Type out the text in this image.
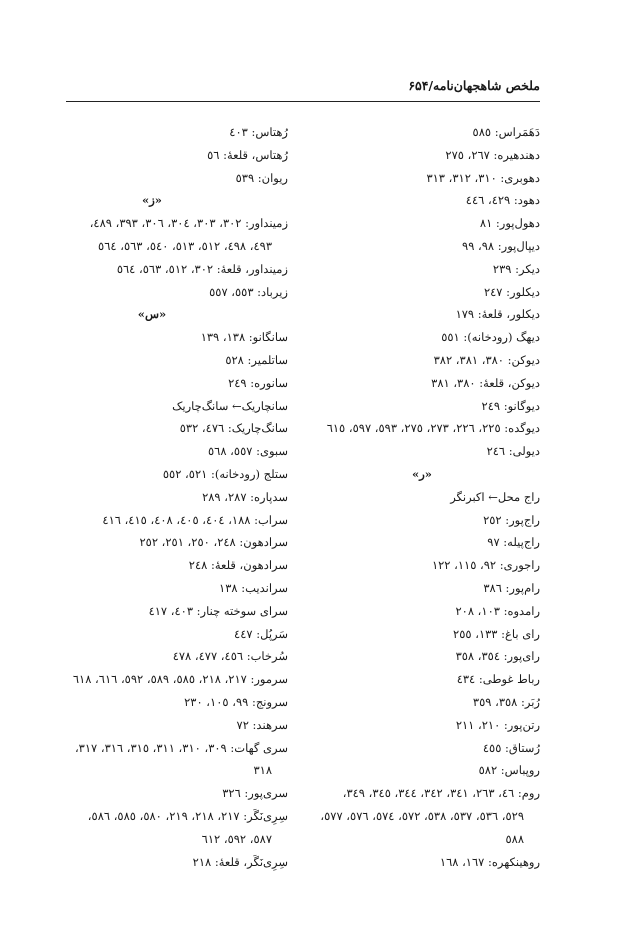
ملخص شاهجهان‌نامه/۶۵۴
دَهَمَراس: ٥٨٥
دهندهیره: ٢٦٧، ٢٧٥
دهوبری: ٣١٠، ٣١٢، ٣١٣
دهود: ٤٢٩، ٤٤٦
دهول‌پور: ٨١
دیپال‌پور: ٩٨، ٩٩
دیکر: ٢٣٩
دیکلور: ٢٤٧
دیکلور، قلعهٔ: ١٧٩
دیهگ (رودخانه): ٥٥١
دیوکن: ٣٨٠، ٣٨١، ٣٨٢
دیوکن، قلعهٔ: ٣٨٠، ٣٨١
دیوگانو: ٢٤٩
دیوگده: ٢٢٥، ٢٢٦، ٢٧٣، ٢٧٥، ٥٩٣، ٥٩٧، ٦١٥
دیولی: ٢٤٦
«ر»
راج محل← اکبرنگر
راج‌پور: ٢٥٢
راج‌پیله: ٩٧
راجوری: ٩٢، ١١٥، ١٢٢
رام‌پور: ٣٨٦
رامدوه: ١٠٣، ٢٠٨
رای باغ: ١٣٣، ٢٥٥
رای‌پور: ٣٥٤، ٣٥٨
رباط غوطی: ٤٣٤
رُبَر: ٣٥٨، ٣٥٩
رتن‌پور: ٢١٠، ٢١١
رُستاق: ٤٥٥
روپباس: ٥٨٢
روم: ٤٦، ٢٦٣، ٣٤١، ٣٤٢، ٣٤٤، ٣٤٥، ٣٤٩،
٥٢٩، ٥٣٦، ٥٣٧، ٥٣٨، ٥٧٢، ٥٧٤، ٥٧٦، ٥٧٧،
٥٨٨
روهینکهره: ١٦٧، ١٦٨
رُهتاس: ٤٠٣
رُهتاس، قلعهٔ: ٥٦
ریوان: ٥٣٩
«ز»
زمینداور: ٣٠٢، ٣٠٣، ٣٠٤، ٣٠٦، ٣٩٣، ٤٨٩،
٤٩٣، ٤٩٨، ٥١٢، ٥١٣، ٥٤٠، ٥٦٣، ٥٦٤
زمینداور، قلعهٔ: ٣٠٢، ٥١٢، ٥٦٣، ٥٦٤
زیرباد: ٥٥٣، ٥٥٧
«س»
سانگانو: ١٣٨، ١٣٩
ساتلمیر: ٥٢٨
سانوره: ٢٤٩
سانچاریک← سانگ‌چاریک
سانگ‌چاریک: ٤٧٦، ٥٣٢
سبوی: ٥٥٧، ٥٦٨
ستلج (رودخانه): ٥٢١، ٥٥٢
سدپاره: ٢٨٧، ٢٨٩
سراب: ١٨٨، ٤٠٤، ٤٠٥، ٤٠٨، ٤١٥، ٤١٦
سرادهون: ٢٤٨، ٢٥٠، ٢٥١، ٢٥٢
سرادهون، قلعهٔ: ٢٤٨
سراندیب: ١٣٨
سرای سوخته چنار: ٤٠٣، ٤١٧
سَرپُل: ٤٤٧
سُرخاب: ٤٥٦، ٤٧٧، ٤٧٨
سرمور: ٢١٧، ٢١٨، ٥٨٥، ٥٨٩، ٥٩٢، ٦١٦، ٦١٨
سرونج: ٩٩، ١٠٥، ٢٣٠
سرهند: ٧٢
سری گهات: ٣٠٩، ٣١٠، ٣١١، ٣١٥، ٣١٦، ٣١٧،
٣١٨
سری‌پور: ٣٢٦
سِرِی‌نَگَر: ٢١٧، ٢١٨، ٢١٩، ٥٨٠، ٥٨٥، ٥٨٦،
٥٨٧، ٥٩٢، ٦١٢
سِرِی‌نَگَر، قلعهٔ: ٢١٨
